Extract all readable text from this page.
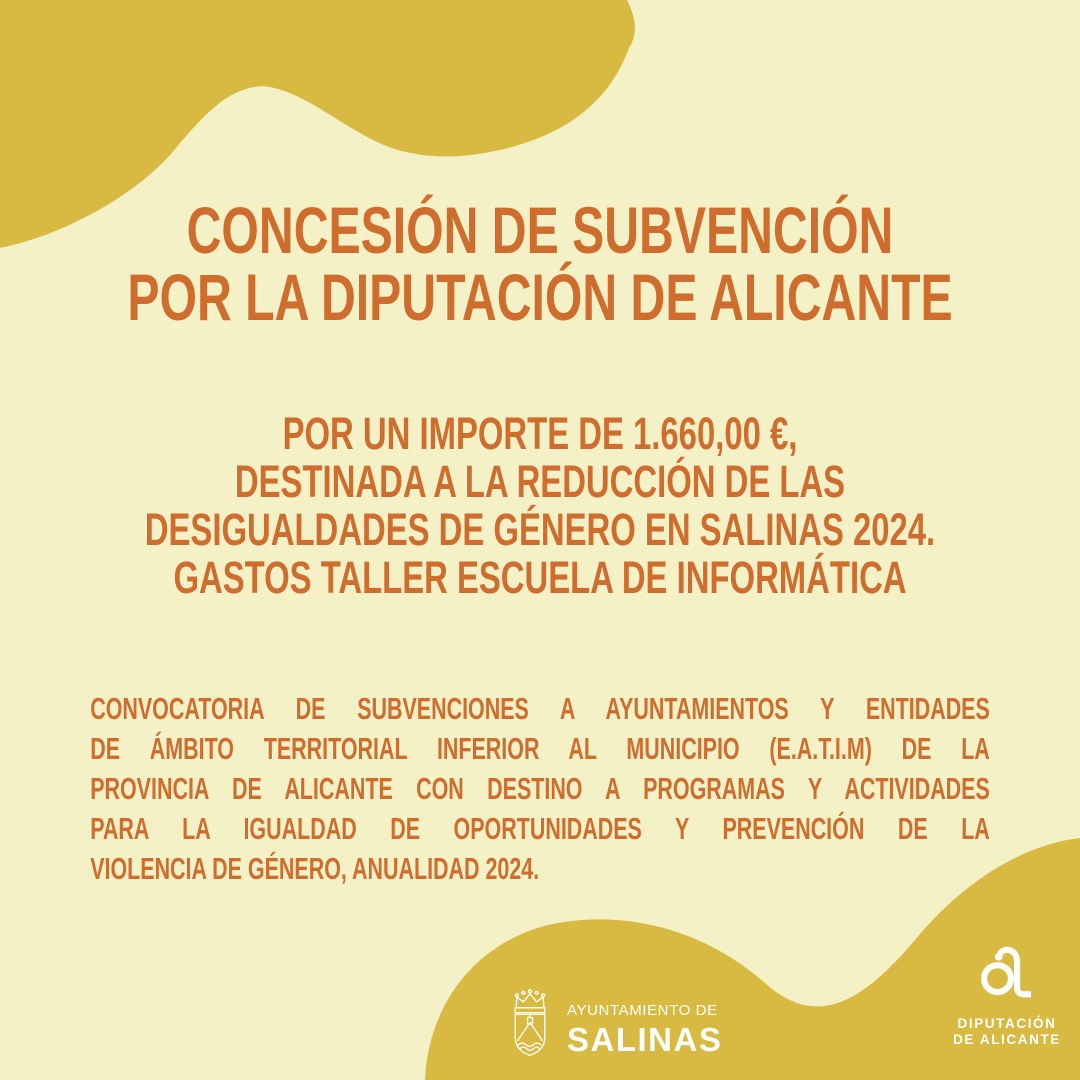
CONCESIÓN DE SUBVENCIÓN
POR LA DIPUTACIÓN DE ALICANTE
POR UN IMPORTE DE 1.660,00 €,
DESTINADA A LA REDUCCIÓN DE LAS
DESIGUALDADES DE GÉNERO EN SALINAS 2024.
GASTOS TALLER ESCUELA DE INFORMÁTICA
CONVOCATORIA DE SUBVENCIONES A AYUNTAMIENTOS Y ENTIDADES
DE ÁMBITO TERRITORIAL INFERIOR AL MUNICIPIO (E.A.T.I.M) DE LA
PROVINCIA DE ALICANTE CON DESTINO A PROGRAMAS Y ACTIVIDADES
PARA LA IGUALDAD DE OPORTUNIDADES Y PREVENCIÓN DE LA
VIOLENCIA DE GÉNERO, ANUALIDAD 2024.
AYUNTAMIENTO DE
SALINAS	DIPUTACIÓN
DE ALICANTE
